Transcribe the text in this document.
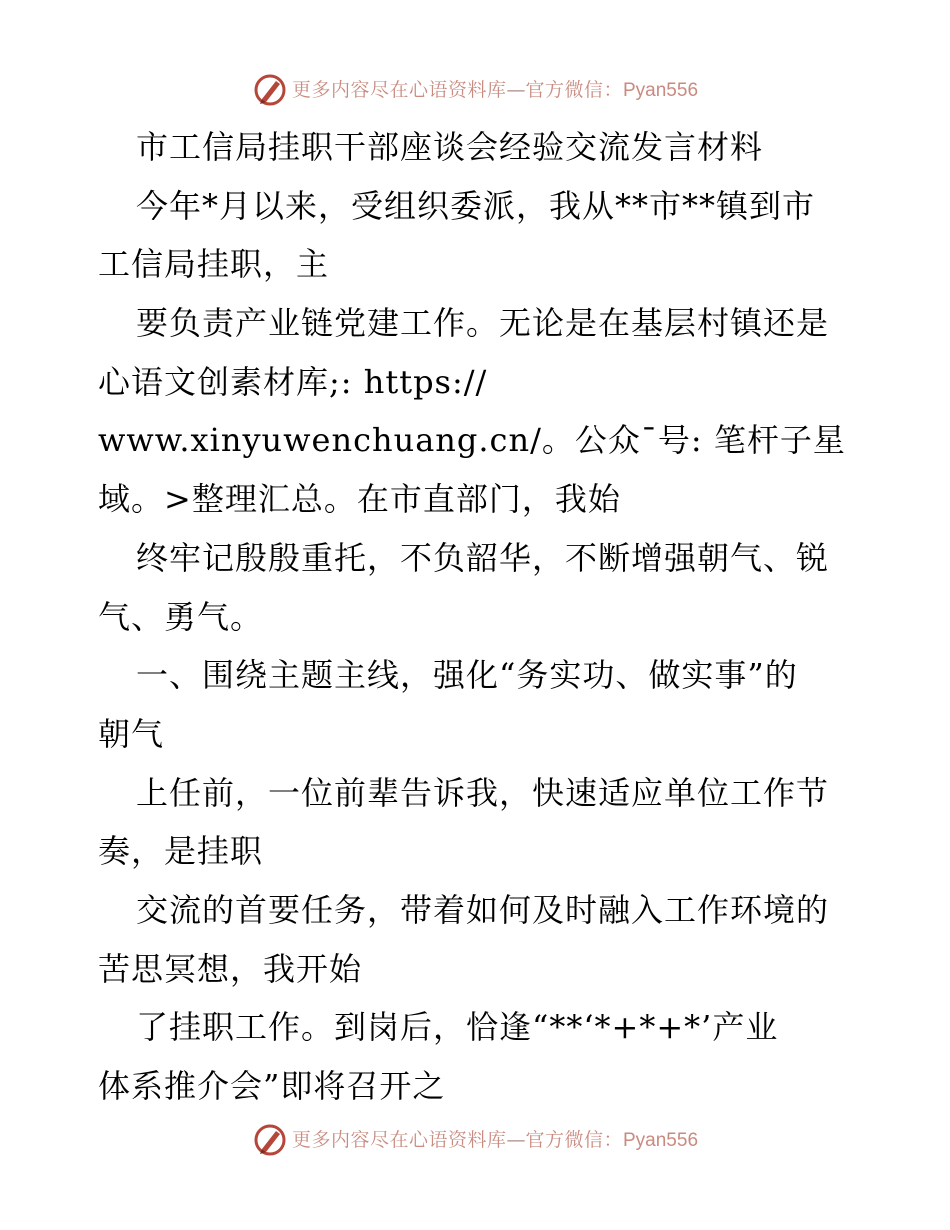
更多内容尽在心语资料库 — 官方微信： Pyan556
市工信局挂职干部座谈会经验交流发言材料
今年*月以来，受组织委派，我从**市**镇到市
工信局挂职，主
要负责产业链党建工作。无论是在基层村镇还是
心语文创素材库;: https://
www.xinyuwenchuang.cn/。公众¯号: 笔杆子星
域。>整理汇总。在市直部门，我始
终牢记殷殷重托，不负韶华，不断增强朝气、锐
气、勇气。
一、围绕主题主线，强化“务实功、做实事”的
朝气
上任前，一位前辈告诉我，快速适应单位工作节
奏，是挂职
交流的首要任务，带着如何及时融入工作环境的
苦思冥想，我开始
了挂职工作。到岗后，恰逢“**‘*+*+*’产业
体系推介会”即将召开之
更多内容尽在心语资料库 — 官方微信： Pyan556
